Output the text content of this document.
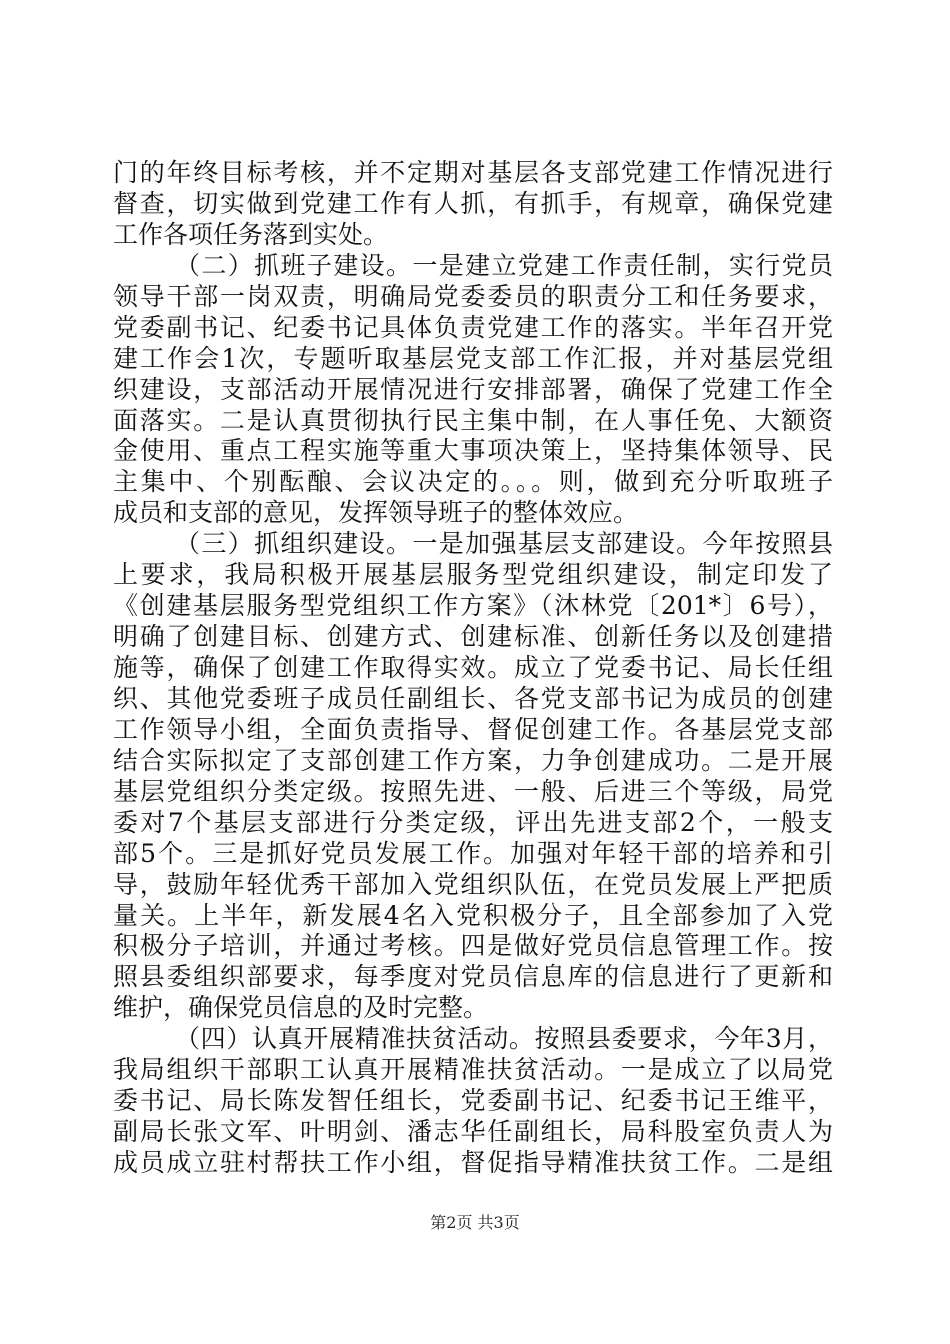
门的年终目标考核，并不定期对基层各支部党建工作情况进行
督查，切实做到党建工作有人抓，有抓手，有规章，确保党建
工作各项任务落到实处。
（二）抓班子建设。一是建立党建工作责任制，实行党员
领导干部一岗双责，明确局党委委员的职责分工和任务要求，
党委副书记、纪委书记具体负责党建工作的落实。半年召开党
建工作会1次，专题听取基层党支部工作汇报，并对基层党组
织建设，支部活动开展情况进行安排部署，确保了党建工作全
面落实。二是认真贯彻执行民主集中制，在人事任免、大额资
金使用、重点工程实施等重大事项决策上，坚持集体领导、民
主集中、个别酝酿、会议决定的。。。则，做到充分听取班子
成员和支部的意见，发挥领导班子的整体效应。
（三）抓组织建设。一是加强基层支部建设。今年按照县
上要求，我局积极开展基层服务型党组织建设，制定印发了
《创建基层服务型党组织工作方案》（沐林党〔201*〕6号），
明确了创建目标、创建方式、创建标准、创新任务以及创建措
施等，确保了创建工作取得实效。成立了党委书记、局长任组
织、其他党委班子成员任副组长、各党支部书记为成员的创建
工作领导小组，全面负责指导、督促创建工作。各基层党支部
结合实际拟定了支部创建工作方案，力争创建成功。二是开展
基层党组织分类定级。按照先进、一般、后进三个等级，局党
委对7个基层支部进行分类定级，评出先进支部2个，一般支
部5个。三是抓好党员发展工作。加强对年轻干部的培养和引
导，鼓励年轻优秀干部加入党组织队伍，在党员发展上严把质
量关。上半年，新发展4名入党积极分子，且全部参加了入党
积极分子培训，并通过考核。四是做好党员信息管理工作。按
照县委组织部要求，每季度对党员信息库的信息进行了更新和
维护，确保党员信息的及时完整。
（四）认真开展精准扶贫活动。按照县委要求，今年3月，
我局组织干部职工认真开展精准扶贫活动。一是成立了以局党
委书记、局长陈发智任组长，党委副书记、纪委书记王维平，
副局长张文军、叶明剑、潘志华任副组长，局科股室负责人为
成员成立驻村帮扶工作小组，督促指导精准扶贫工作。二是组
第2页 共3页
